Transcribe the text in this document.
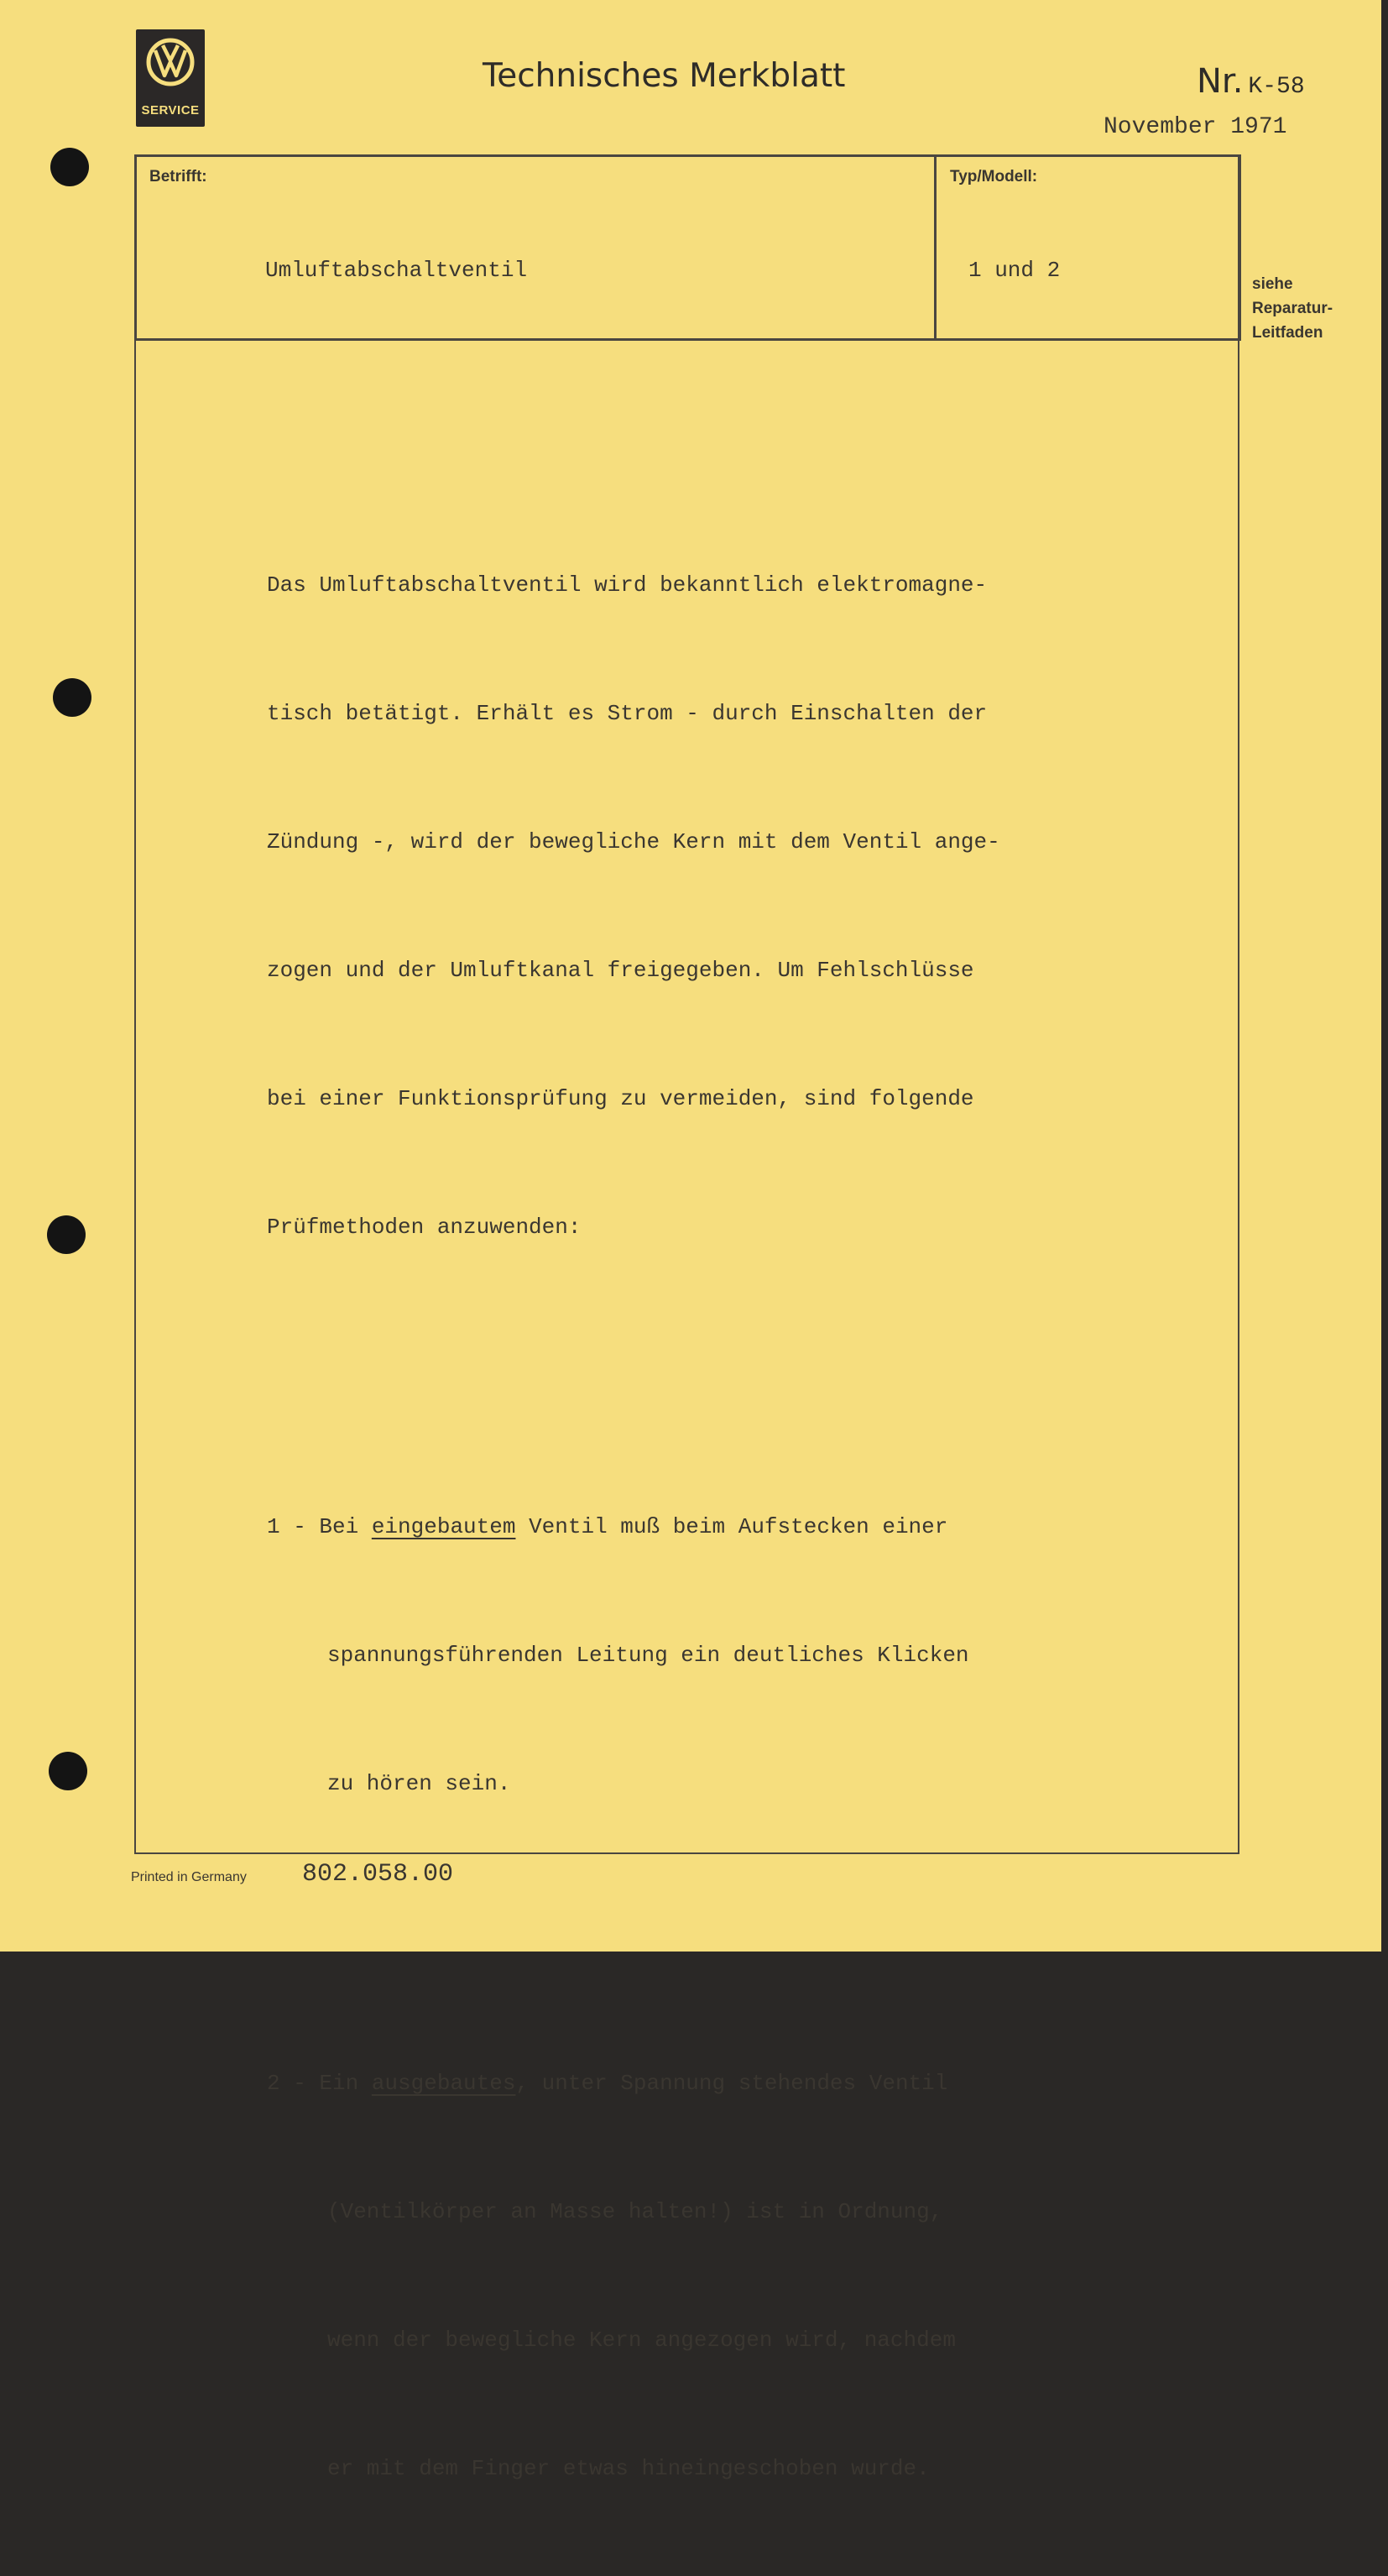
SERVICE
Technisches Merkblatt	Nr. K-58
November 1971
Betrifft:	Typ/Modell:
Umluftabschaltventil	1 und 2
siehe
Reparatur-
Leitfaden

Das Umluftabschaltventil wird bekanntlich elektromagne-

tisch betätigt. Erhält es Strom - durch Einschalten der

Zündung -, wird der bewegliche Kern mit dem Ventil ange-

zogen und der Umluftkanal freigegeben. Um Fehlschlüsse

bei einer Funktionsprüfung zu vermeiden, sind folgende

Prüfmethoden anzuwenden:

1 - Bei eingebautem Ventil muß beim Aufstecken einer

spannungsführenden Leitung ein deutliches Klicken

zu hören sein.

2 - Ein ausgebautes, unter Spannung stehendes Ventil

(Ventilkörper an Masse halten!) ist in Ordnung,

wenn der bewegliche Kern angezogen wird, nachdem

er mit dem Finger etwas hineingeschoben wurde.

Printed in Germany 802.058.00
